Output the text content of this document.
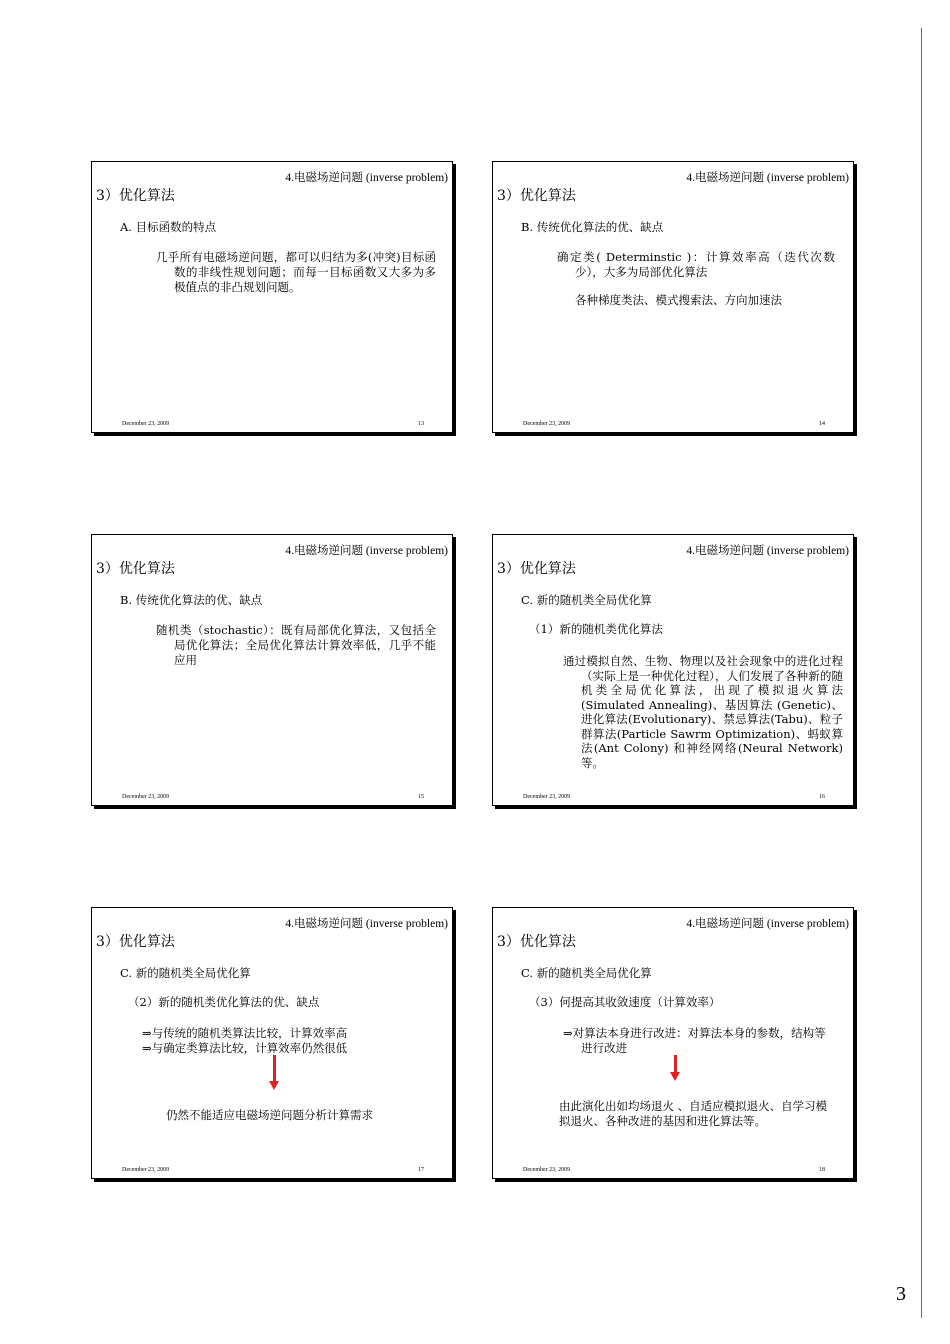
4.电磁场逆问题 (inverse problem)
3）优化算法
A. 目标函数的特点

几乎所有电磁场逆问题，都可以归结为多(冲突)目标函数的非线性规划问题；而每一目标函数又大多为多极值点的非凸规划问题。

December 23, 2009	13
4.电磁场逆问题 (inverse problem)
3）优化算法
B. 传统优化算法的优、缺点

确定类( Determinstic )：计算效率高（迭代次数少），大多为局部优化算法

各种梯度类法、模式搜索法、方向加速法

December 23, 2009	14
4.电磁场逆问题 (inverse problem)
3）优化算法
B. 传统优化算法的优、缺点

随机类（stochastic）：既有局部优化算法，又包括全局优化算法；全局优化算法计算效率低，几乎不能应用

December 23, 2009	15
4.电磁场逆问题 (inverse problem)
3）优化算法
C. 新的随机类全局优化算
（1）新的随机类优化算法

通过模拟自然、生物、物理以及社会现象中的进化过程（实际上是一种优化过程），人们发展了各种新的随机类全局优化算法，出现了模拟退火算法(Simulated Annealing)、基因算法 (Genetic)、进化算法(Evolutionary)、禁忌算法(Tabu)、粒子群算法(Particle Sawrm Optimization)、蚂蚁算法(Ant Colony) 和神经网络(Neural Network)等。

December 23, 2009	16
4.电磁场逆问题 (inverse problem)
3）优化算法
C. 新的随机类全局优化算
（2）新的随机类优化算法的优、缺点

⇒与传统的随机类算法比较，计算效率高

⇒与确定类算法比较，计算效率仍然很低

仍然不能适应电磁场逆问题分析计算需求
December 23, 2009	17
4.电磁场逆问题 (inverse problem)
3）优化算法
C. 新的随机类全局优化算
（3）何提高其收敛速度（计算效率）

⇒对算法本身进行改进：对算法本身的参数，结构等进行改进

由此演化出如均场退火 、自适应模拟退火、自学习模拟退火、各种改进的基因和进化算法等。
December 23, 2009	18
3
